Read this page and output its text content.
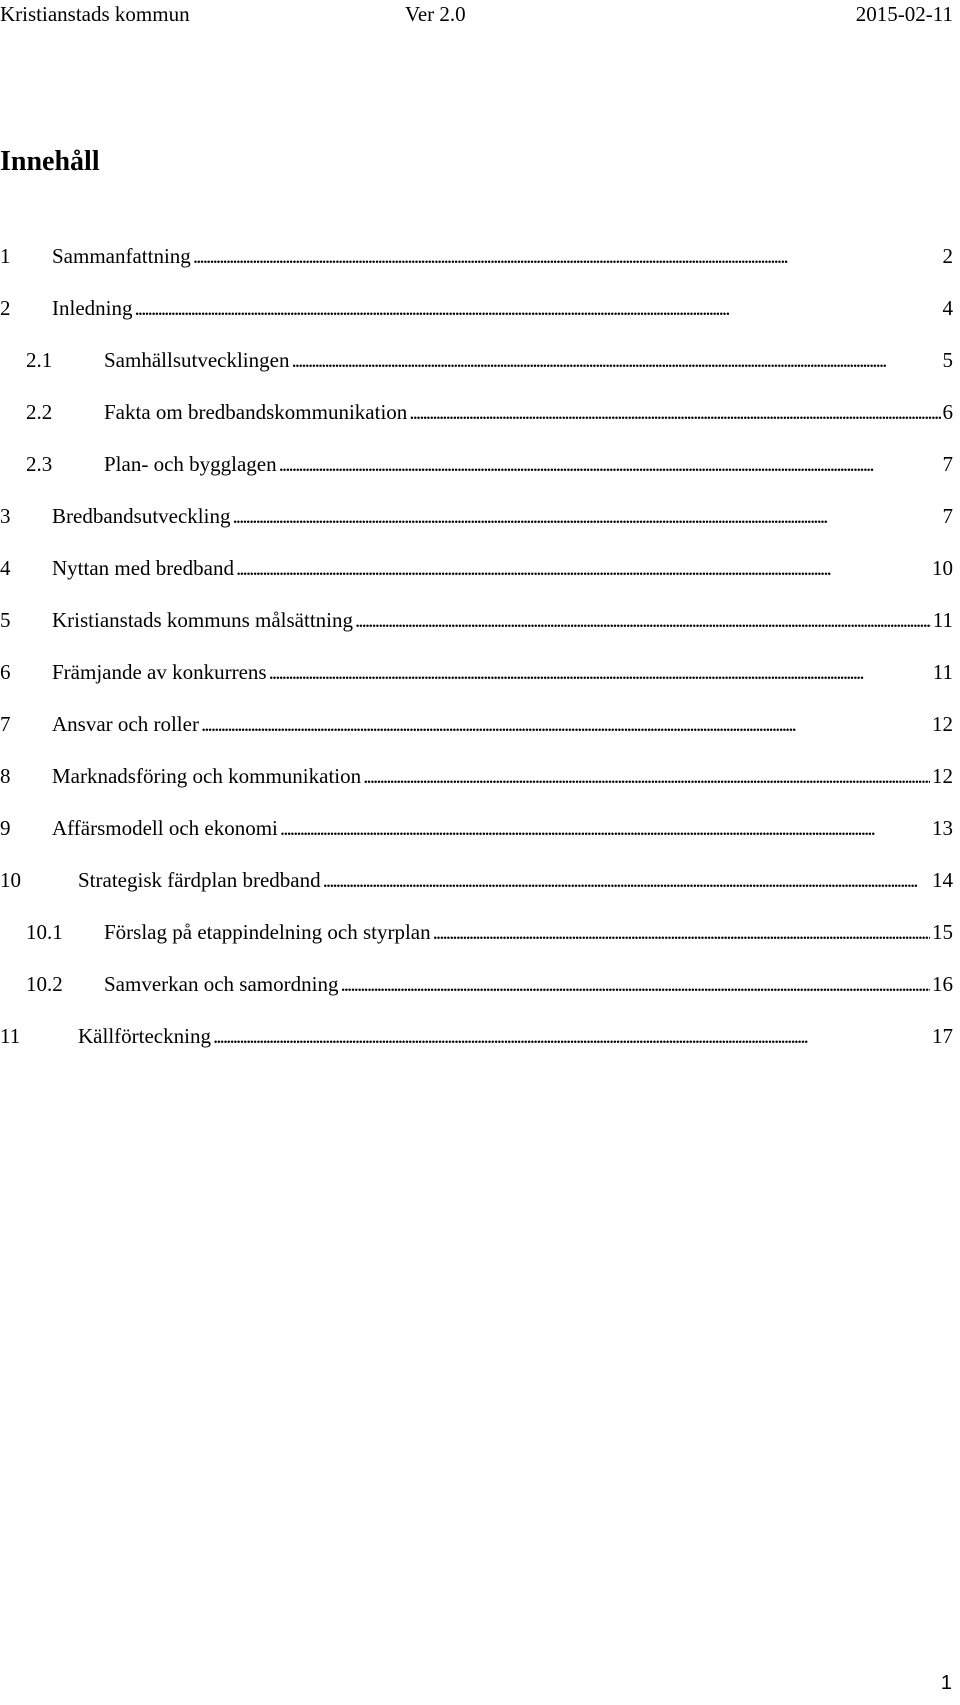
Kristianstads kommun	Ver 2.0	2015-02-11
Innehåll
1 Sammanfattning . . .	2
2 Inledning . . .	4
2.1 Samhällsutvecklingen . . .	5
2.2 Fakta om bredbandskommunikation . . .	6
2.3 Plan- och bygglagen . . .	7
3 Bredbandsutveckling . . .	7
4 Nyttan med bredband . . .	10
5 Kristianstads kommuns målsättning . . .	11
6 Främjande av konkurrens . . .	11
7 Ansvar och roller . . .	12
8 Marknadsföring och kommunikation . . .	12
9 Affärsmodell och ekonomi . . .	13
10	Strategisk färdplan bredband . . .	14
10.1 Förslag på etappindelning och styrplan . . .	15
10.2 Samverkan och samordning . . .	16
11	Källförteckning . . .	17
1
